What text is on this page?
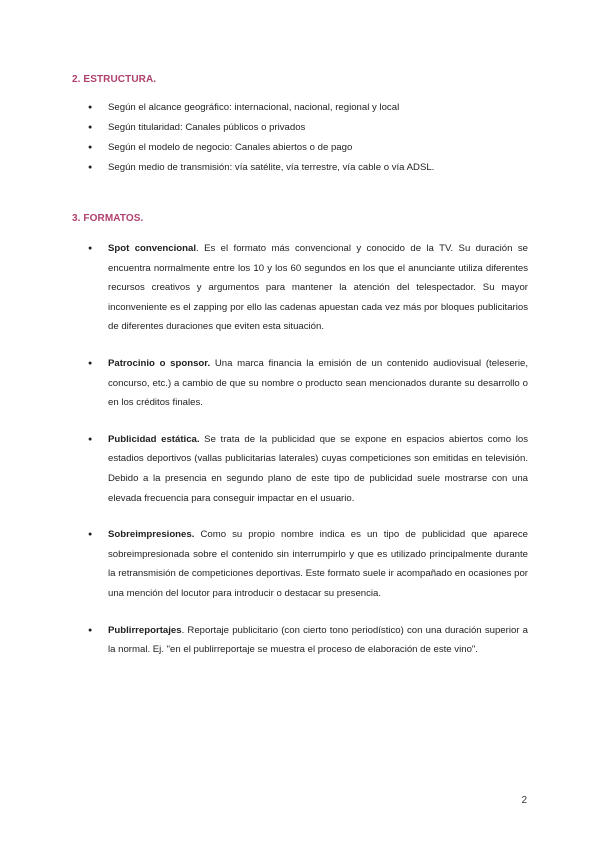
2. ESTRUCTURA.
● Según el alcance geográfico: internacional, nacional, regional y local
● Según titularidad: Canales públicos o privados
● Según el modelo de negocio: Canales abiertos o de pago
● Según medio de transmisión: vía satélite, vía terrestre, vía cable o vía ADSL.
3. FORMATOS.
● Spot convencional. Es el formato más convencional y conocido de la TV. Su duración se encuentra normalmente entre los 10 y los 60 segundos en los que el anunciante utiliza diferentes recursos creativos y argumentos para mantener la atención del telespectador. Su mayor inconveniente es el zapping por ello las cadenas apuestan cada vez más por bloques publicitarios de diferentes duraciones que eviten esta situación.
● Patrocinio o sponsor. Una marca financia la emisión de un contenido audiovisual (teleserie, concurso, etc.) a cambio de que su nombre o producto sean mencionados durante su desarrollo o en los créditos finales.
● Publicidad estática. Se trata de la publicidad que se expone en espacios abiertos como los estadios deportivos (vallas publicitarias laterales) cuyas competiciones son emitidas en televisión. Debido a la presencia en segundo plano de este tipo de publicidad suele mostrarse con una elevada frecuencia para conseguir impactar en el usuario.
● Sobreimpresiones. Como su propio nombre indica es un tipo de publicidad que aparece sobreimpresionada sobre el contenido sin interrumpirlo y que es utilizado principalmente durante la retransmisión de competiciones deportivas. Este formato suele ir acompañado en ocasiones por una mención del locutor para introducir o destacar su presencia.
● Publirreportajes. Reportaje publicitario (con cierto tono periodístico) con una duración superior a la normal. Ej. "en el publirreportaje se muestra el proceso de elaboración de este vino".
2
